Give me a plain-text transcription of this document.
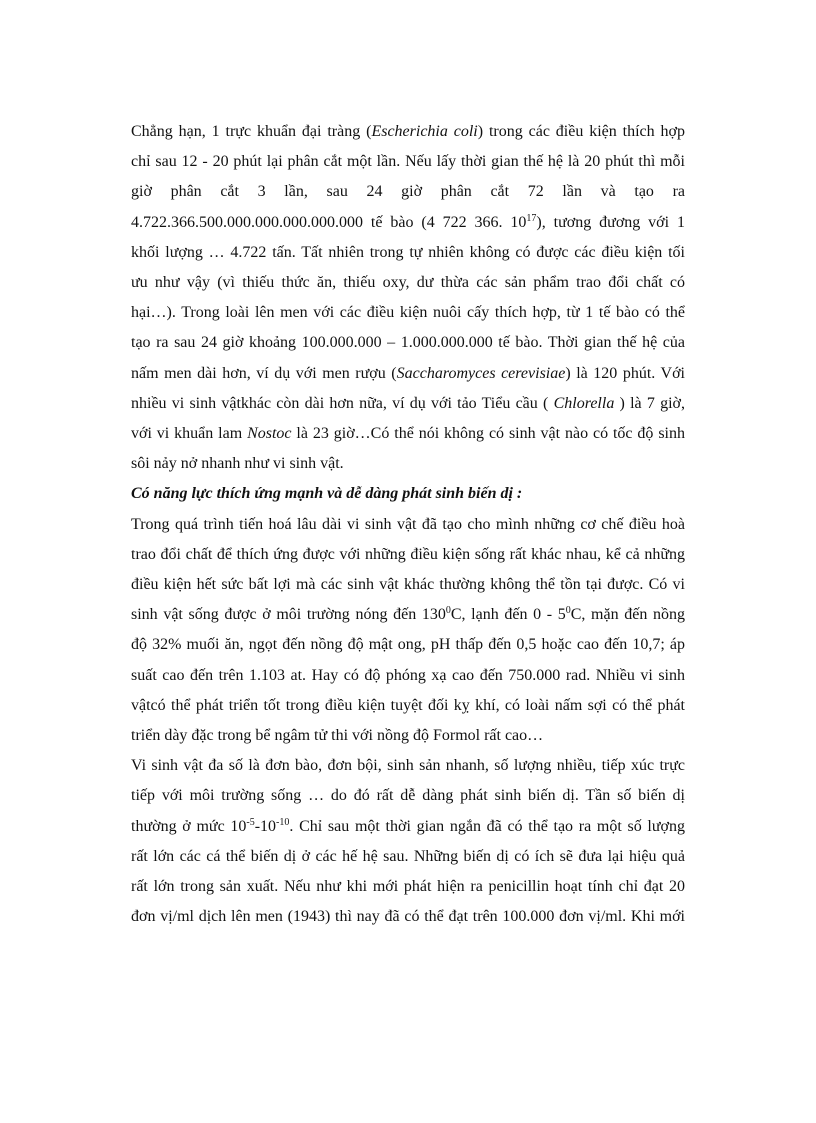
Chẳng hạn, 1 trực khuẩn đại tràng (Escherichia coli) trong các điều kiện thích hợp
chỉ sau 12 - 20 phút lại phân cắt một lần. Nếu lấy thời gian thế hệ là 20 phút thì mỗi
giờ phân cắt 3 lần, sau 24 giờ phân cắt 72 lần và tạo ra
4.722.366.500.000.000.000.000.000 tế bào (4 722 366. $10^{17}$), tương đương với 1
khối lượng … 4.722 tấn. Tất nhiên trong tự nhiên không có được các điều kiện tối
ưu như vậy (vì thiếu thức ăn, thiếu oxy, dư thừa các sản phẩm trao đổi chất có
hại…). Trong loài lên men với các điều kiện nuôi cấy thích hợp, từ 1 tế bào có thể
tạo ra sau 24 giờ khoảng 100.000.000 – 1.000.000.000 tế bào. Thời gian thế hệ của
nấm men dài hơn, ví dụ với men rượu (Saccharomyces cerevisiae) là 120 phút. Với
nhiều vi sinh vậtkhác còn dài hơn nữa, ví dụ với tảo Tiểu cầu ( Chlorella ) là 7 giờ,
với vi khuẩn lam Nostoc là 23 giờ…Có thể nói không có sinh vật nào có tốc độ sinh
sôi nảy nở nhanh như vi sinh vật.
Có năng lực thích ứng mạnh và dễ dàng phát sinh biến dị :
Trong quá trình tiến hoá lâu dài vi sinh vật đã tạo cho mình những cơ chế điều hoà
trao đổi chất để thích ứng được với những điều kiện sống rất khác nhau, kể cả những
điều kiện hết sức bất lợi mà các sinh vật khác thường không thể tồn tại được. Có vi
sinh vật sống được ở môi trường nóng đến $130^0C$, lạnh đến $0 - 5^0C$, mặn đến nồng
độ 32% muối ăn, ngọt đến nồng độ mật ong, pH thấp đến 0,5 hoặc cao đến 10,7; áp
suất cao đến trên 1.103 at. Hay có độ phóng xạ cao đến 750.000 rad. Nhiều vi sinh
vậtcó thể phát triển tốt trong điều kiện tuyệt đối kỵ khí, có loài nấm sợi có thể phát
triển dày đặc trong bể ngâm tử thi với nồng độ Formol rất cao…
Vi sinh vật đa số là đơn bào, đơn bội, sinh sản nhanh, số lượng nhiều, tiếp xúc trực
tiếp với môi trường sống … do đó rất dễ dàng phát sinh biến dị. Tần số biến dị
thường ở mức $10^{-5}-10^{-10}$. Chỉ sau một thời gian ngắn đã có thể tạo ra một số lượng
rất lớn các cá thể biến dị ở các hế hệ sau. Những biến dị có ích sẽ đưa lại hiệu quả
rất lớn trong sản xuất. Nếu như khi mới phát hiện ra penicillin hoạt tính chỉ đạt 20
đơn vị/ml dịch lên men (1943) thì nay đã có thể đạt trên 100.000 đơn vị/ml. Khi mới
